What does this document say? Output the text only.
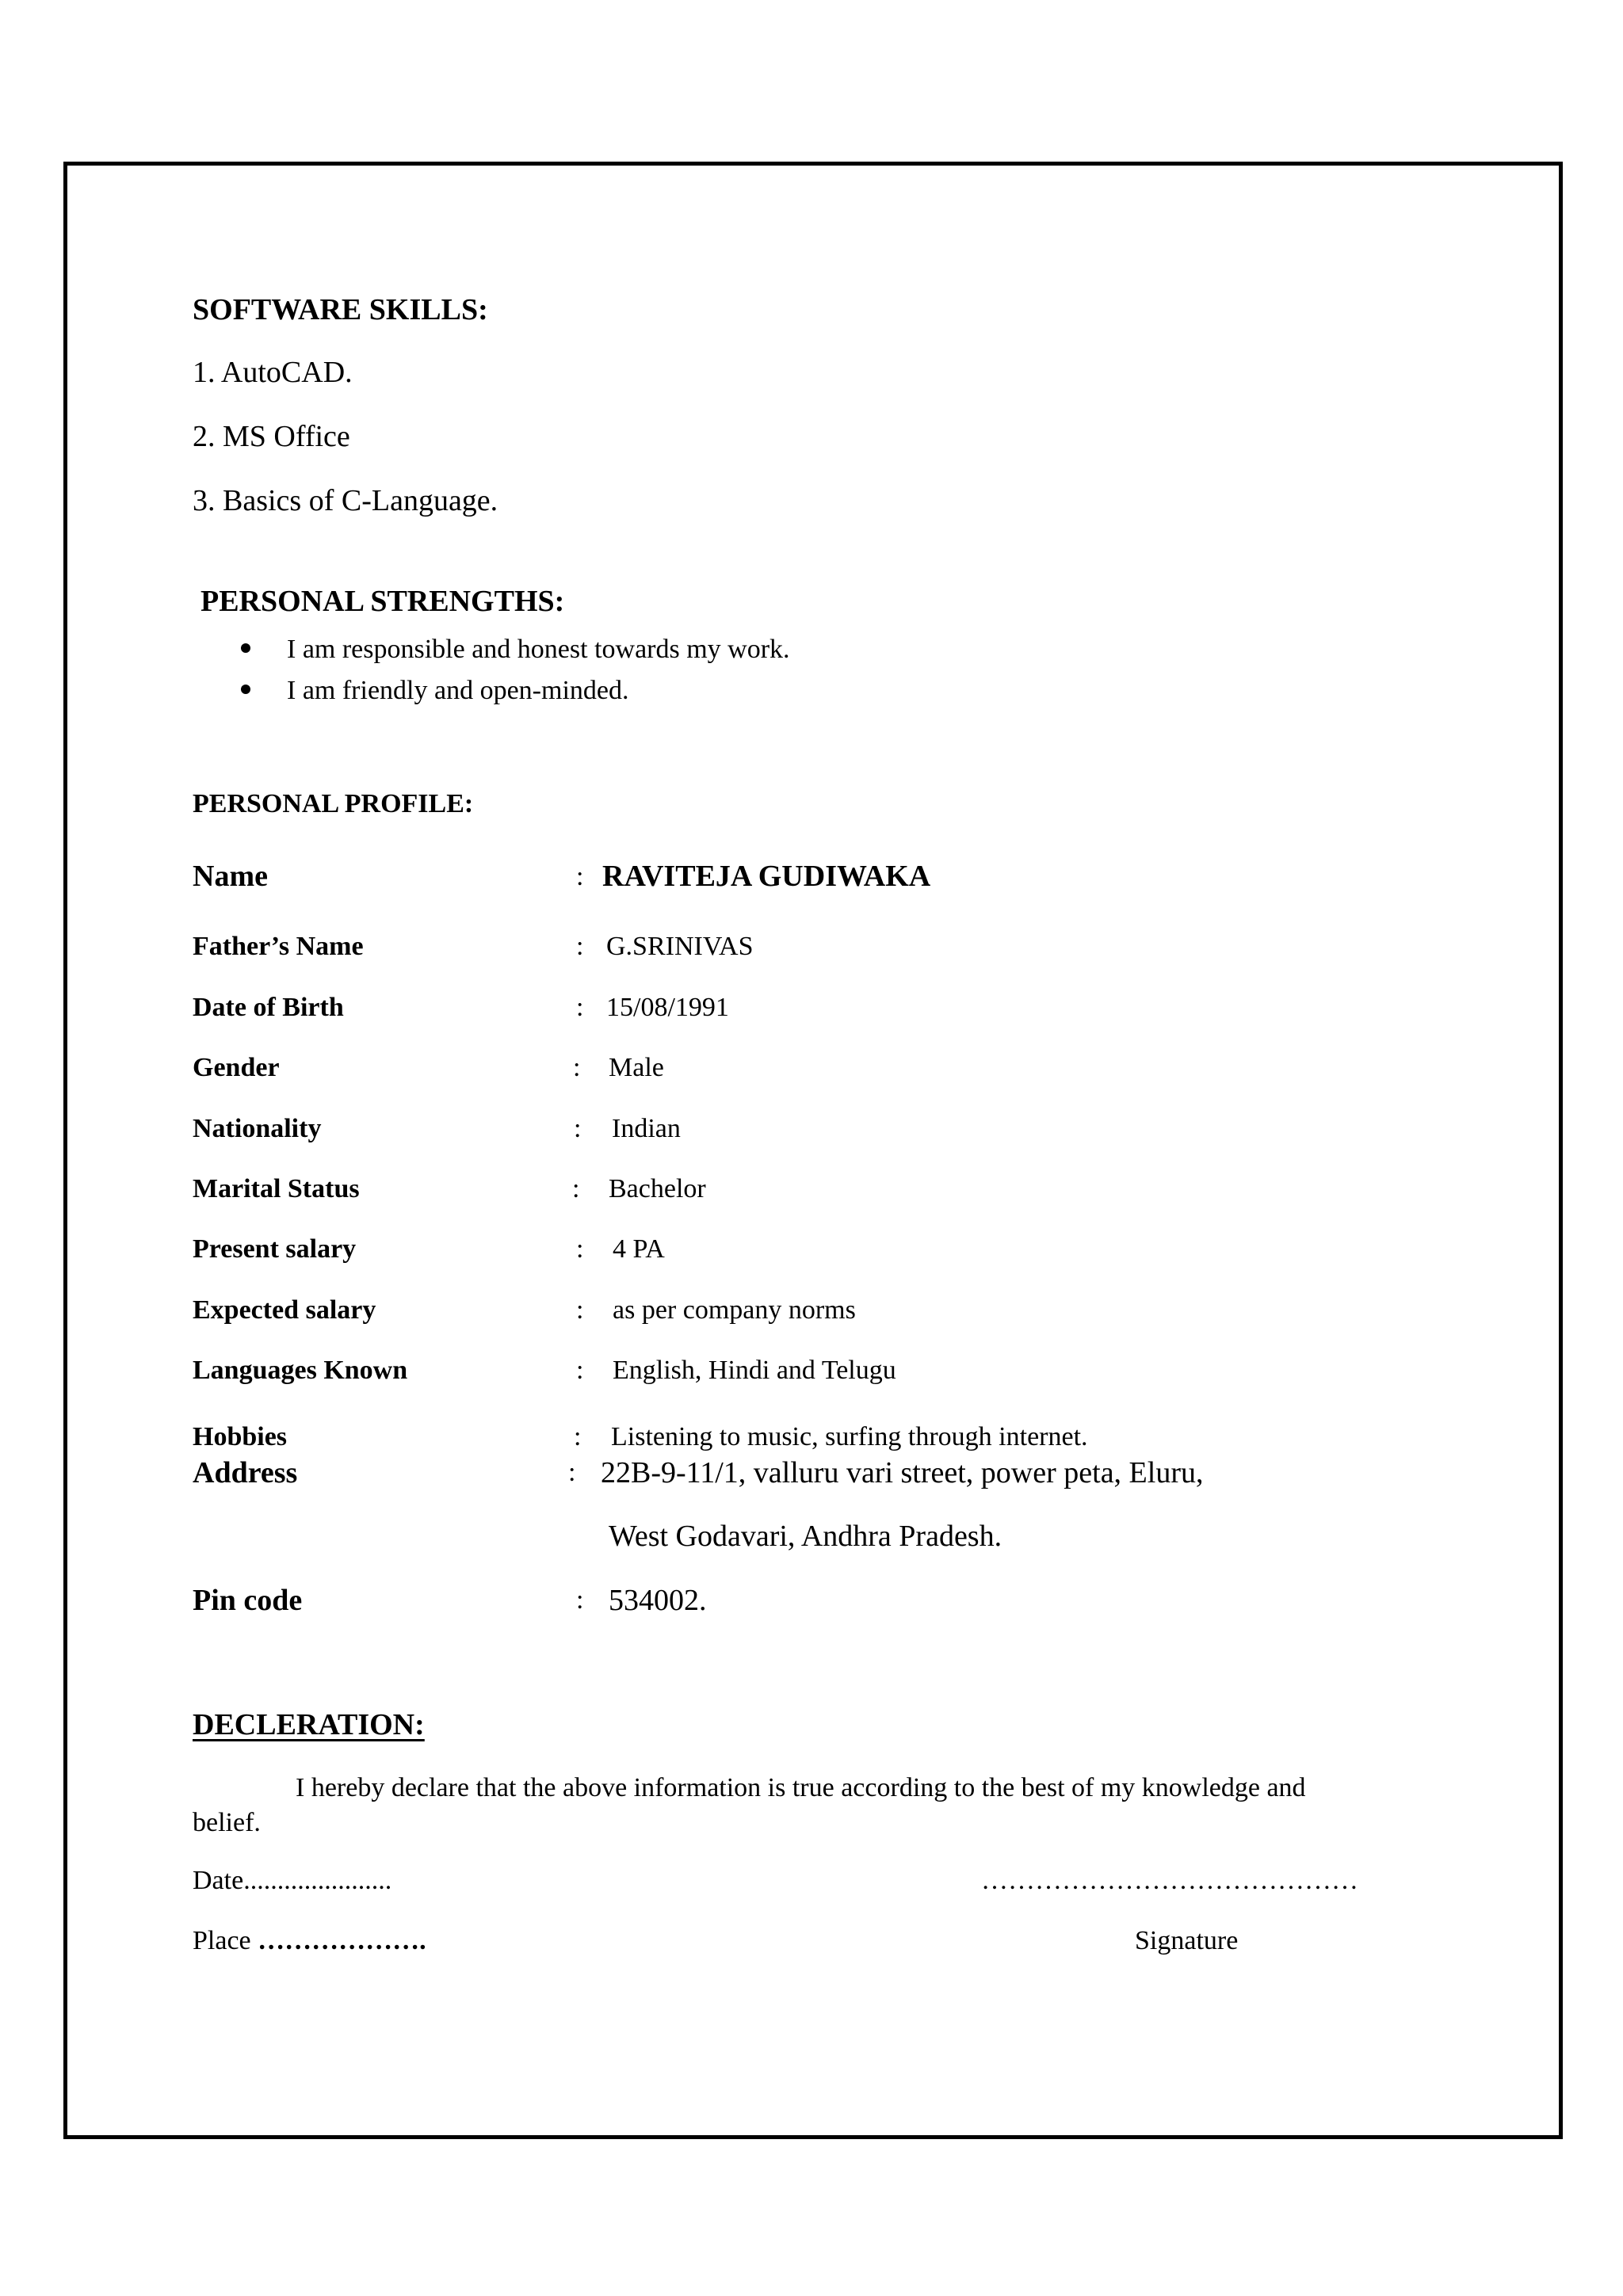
SOFTWARE SKILLS:
1. AutoCAD.
2. MS Office
3. Basics of C-Language.
PERSONAL STRENGTHS:
I am responsible and honest towards my work.
I am friendly and open-minded.
PERSONAL PROFILE:
Name	: RAVITEJA GUDIWAKA
Father’s Name	: G.SRINIVAS
Date of Birth	: 15/08/1991
Gender	: Male
Nationality	: Indian
Marital Status	: Bachelor
Present salary	: 4 PA
Expected salary	: as per company norms
Languages Known	: English, Hindi and Telugu
Hobbies	: Listening to music, surfing through internet.
Address	: 22B-9-11/1, valluru vari street, power peta, Eluru,
West Godavari, Andhra Pradesh.
Pin code	: 534002.
DECLERATION:
I hereby declare that the above information is true according to the best of my knowledge and
belief.
Date......................	……………………………………
Place ……………….	Signature
